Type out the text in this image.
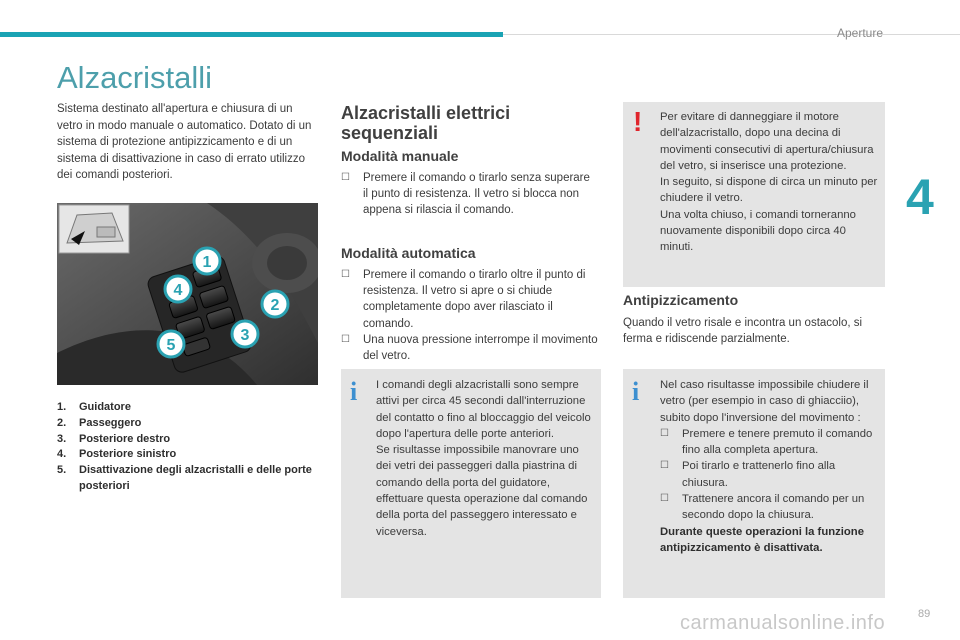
Aperture
4
Alzacristalli
Sistema destinato all'apertura e chiusura di un vetro in modo manuale o automatico. Dotato di un sistema di protezione antipizzicamento e di un sistema di disattivazione in caso di errato utilizzo dei comandi posteriori.
1
2
3
4
5
1. Guidatore
2. Passeggero
3. Posteriore destro
4. Posteriore sinistro
5. Disattivazione degli alzacristalli e delle porte posteriori
Alzacristalli elettrici sequenziali
Modalità manuale
☐ Premere il comando o tirarlo senza superare il punto di resistenza. Il vetro si blocca non appena si rilascia il comando.
Modalità automatica
☐ Premere il comando o tirarlo oltre il punto di resistenza. Il vetro si apre o si chiude completamente dopo aver rilasciato il comando.
☐ Una nuova pressione interrompe il movimento del vetro.
i I comandi degli alzacristalli sono sempre attivi per circa 45 secondi dall'interruzione del contatto o fino al bloccaggio del veicolo dopo l'apertura delle porte anteriori.
Se risultasse impossibile manovrare uno dei vetri dei passeggeri dalla piastrina di comando della porta del guidatore, effettuare questa operazione dal comando della porta del passeggero interessato e viceversa.
! Per evitare di danneggiare il motore dell'alzacristallo, dopo una decina di movimenti consecutivi di apertura/chiusura del vetro, si inserisce una protezione.
In seguito, si dispone di circa un minuto per chiudere il vetro.
Una volta chiuso, i comandi torneranno nuovamente disponibili dopo circa 40 minuti.
Antipizzicamento
Quando il vetro risale e incontra un ostacolo, si ferma e ridiscende parzialmente.
i Nel caso risultasse impossibile chiudere il vetro (per esempio in caso di ghiacciio), subito dopo l'inversione del movimento :
☐ Premere e tenere premuto il comando fino alla completa apertura.
☐ Poi tirarlo e trattenerlo fino alla chiusura.
☐ Trattenere ancora il comando per un secondo dopo la chiusura.
Durante queste operazioni la funzione antipizzicamento è disattivata.
carmanualsonline.info	89
